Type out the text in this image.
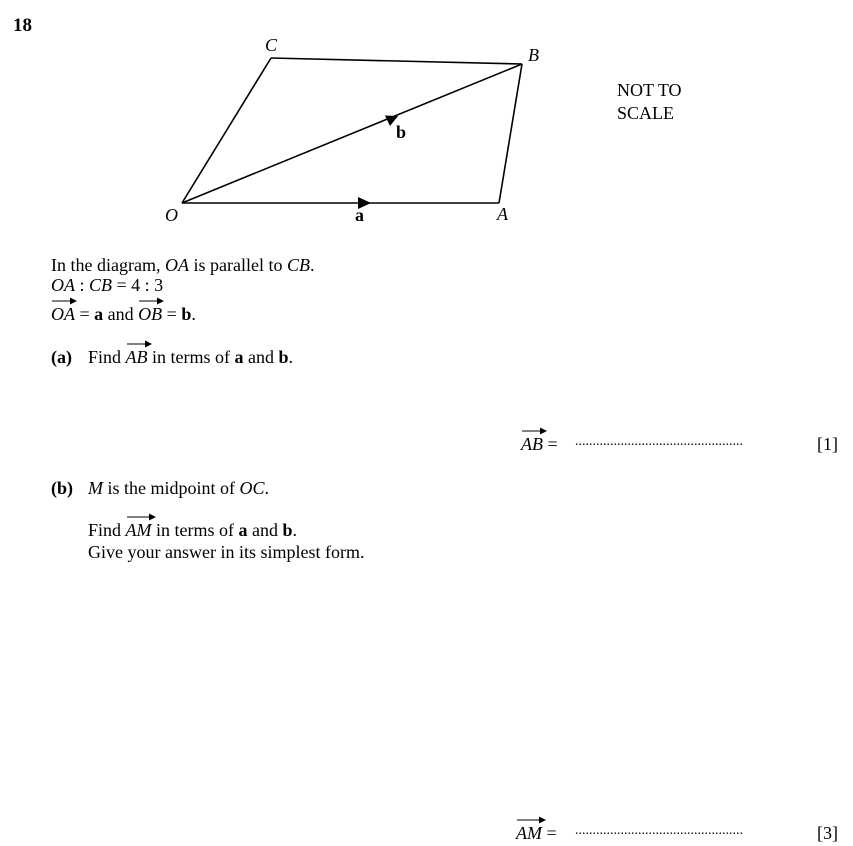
18
O	A
B
C
a
b
NOT TO
SCALE
In the diagram, OA is parallel to CB.
OA : CB = 4 : 3
OA = a and
OB = b.
(a) Find
AB in terms of a and b.
AB = ................................................	[1]
(b) M is the midpoint of OC.
Find
AM in terms of a and b.
Give your answer in its simplest form.
AM = ................................................	[3]
